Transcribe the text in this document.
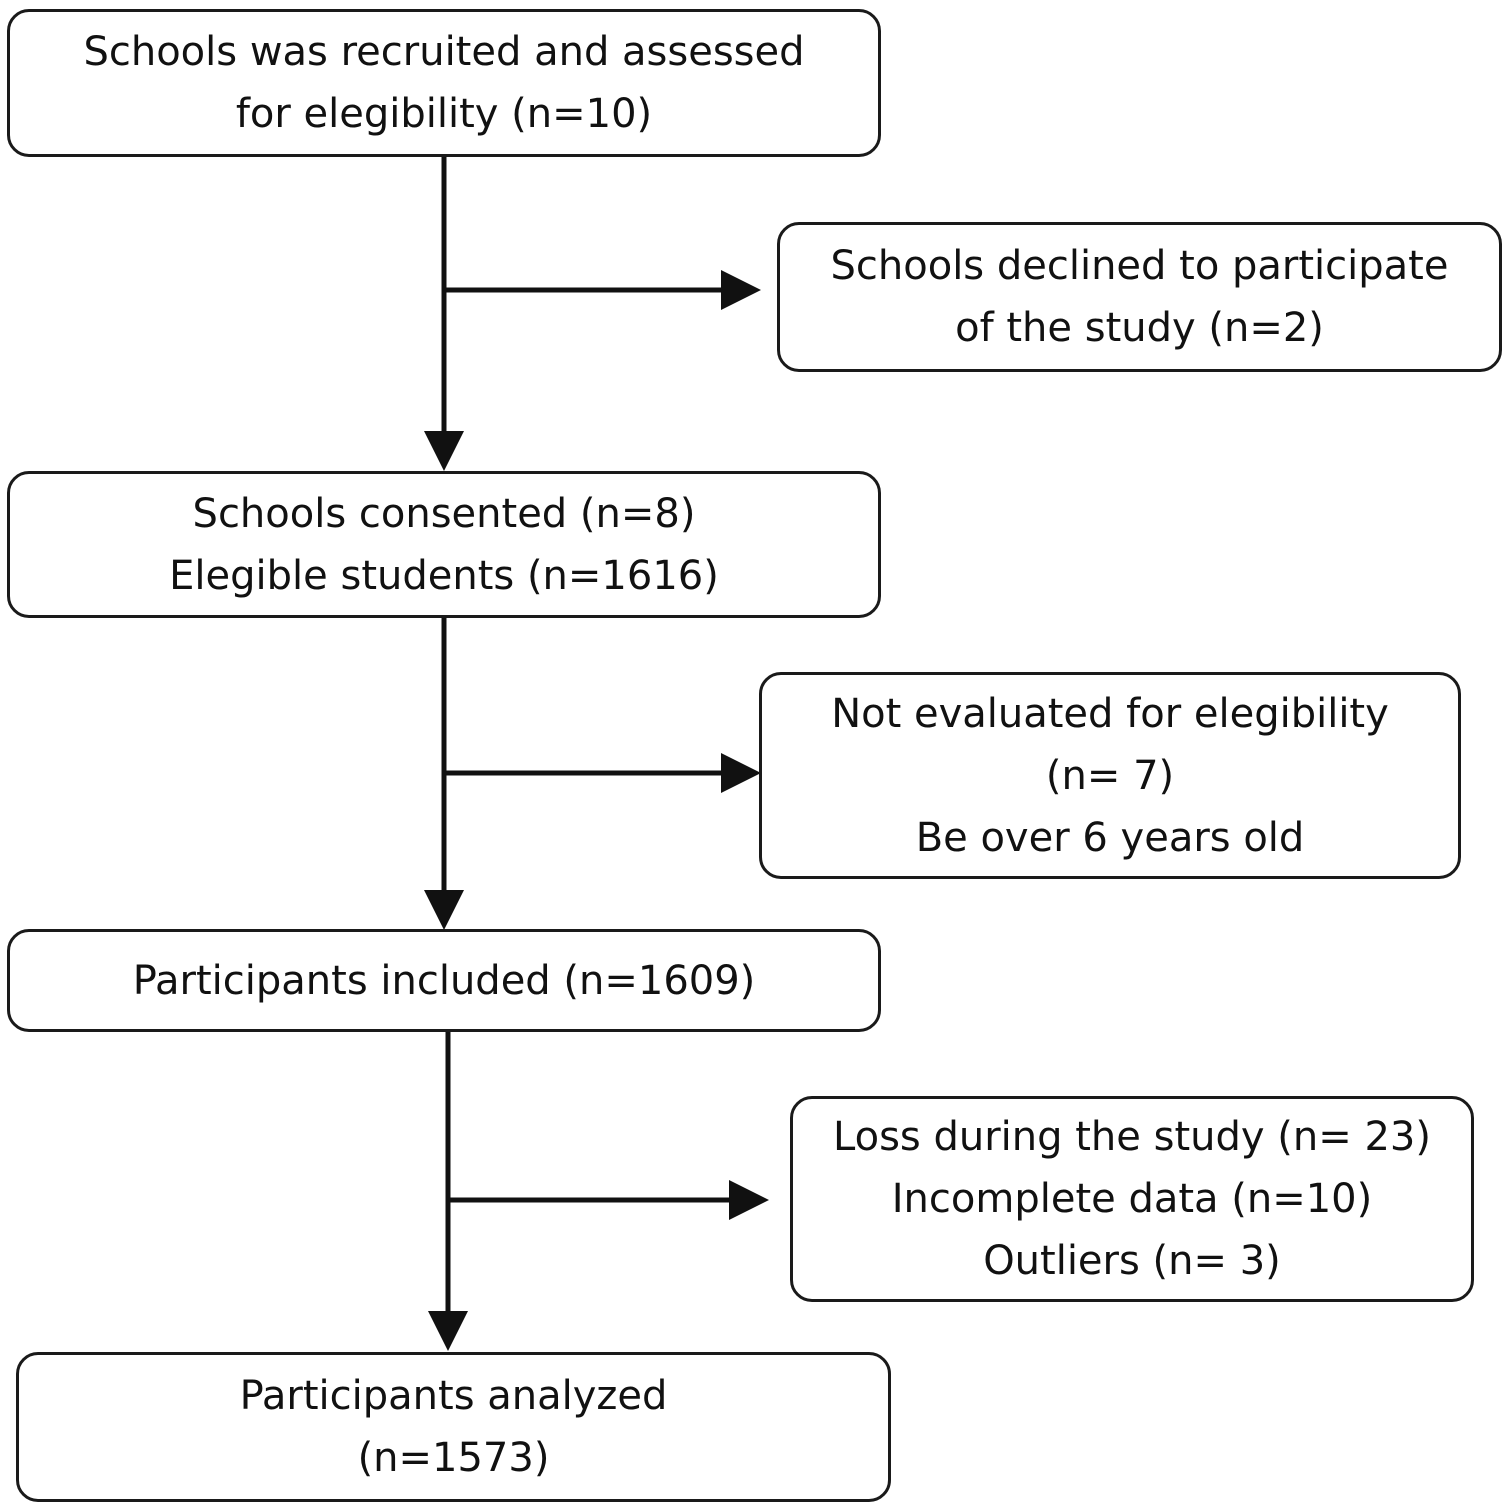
Schools was recruited and assessed
for elegibility (n=10)
Schools declined to participate
of the study (n=2)
Schools consented (n=8)
Elegible students (n=1616)
Not evaluated for elegibility
(n= 7)
Be over 6 years old
Participants included (n=1609)
Loss during the study (n= 23)
Incomplete data (n=10)
Outliers (n= 3)
Participants analyzed
(n=1573)
